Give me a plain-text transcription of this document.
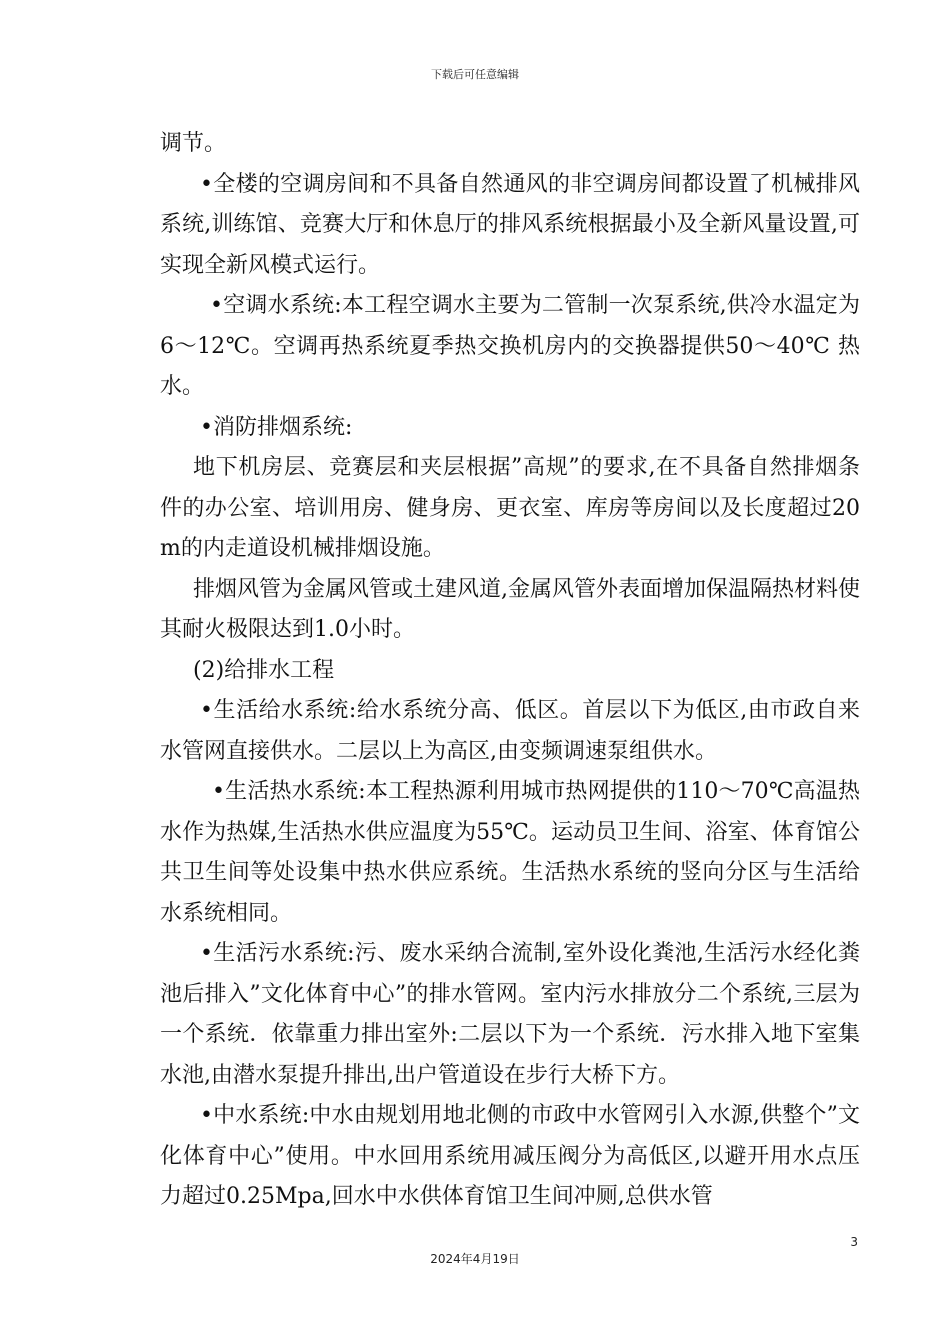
下载后可任意编辑

调节。

•全楼的空调房间和不具备自然通风的非空调房间都设置了机械排风系统,训练馆、竞赛大厅和休息厅的排风系统根据最小及全新风量设置,可实现全新风模式运行。

•空调水系统:本工程空调水主要为二管制一次泵系统,供冷水温定为6～12℃。空调再热系统夏季热交换机房内的交换器提供50～40℃ 热水。

•消防排烟系统:

地下机房层、竞赛层和夹层根据”高规”的要求,在不具备自然排烟条件的办公室、培训用房、健身房、更衣室、库房等房间以及长度超过20m的内走道设机械排烟设施。

排烟风管为金属风管或土建风道,金属风管外表面增加保温隔热材料使其耐火极限达到1.0小时。

(2)给排水工程

•生活给水系统:给水系统分高、低区。首层以下为低区,由市政自来水管网直接供水。二层以上为高区,由变频调速泵组供水。

•生活热水系统:本工程热源利用城市热网提供的110～70℃高温热水作为热媒,生活热水供应温度为55℃。运动员卫生间、浴室、体育馆公共卫生间等处设集中热水供应系统。生活热水系统的竖向分区与生活给水系统相同。

•生活污水系统:污、废水采纳合流制,室外设化粪池,生活污水经化粪池后排入”文化体育中心”的排水管网。室内污水排放分二个系统,三层为一个系统．依靠重力排出室外:二层以下为一个系统．污水排入地下室集水池,由潜水泵提升排出,出户管道设在步行大桥下方。

•中水系统:中水由规划用地北侧的市政中水管网引入水源,供整个”文化体育中心”使用。中水回用系统用减压阀分为高低区,以避开用水点压力超过0.25Mpa,回水中水供体育馆卫生间冲厕,总供水管

3
2024年4月19日
